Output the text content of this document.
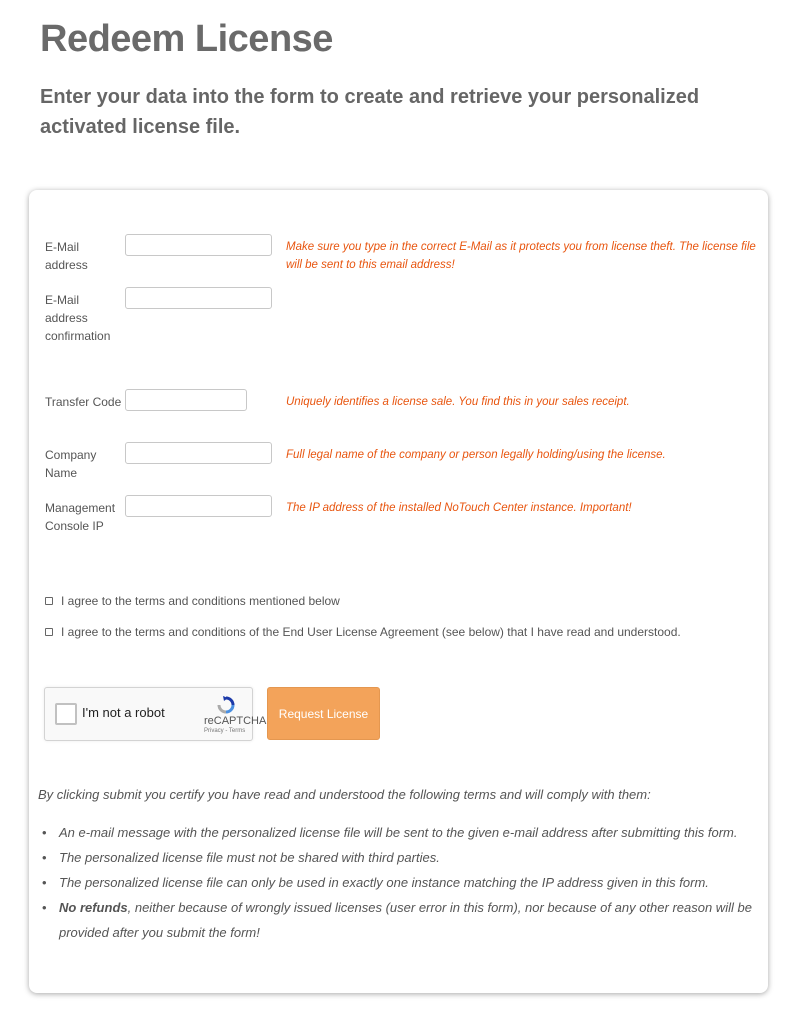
Redeem License

Enter your data into the form to create and retrieve your personalized activated license file.

E-Mail address
Make sure you type in the correct E-Mail as it protects you from license theft. The license file will be sent to this email address!
E-Mail address confirmation
Transfer Code	Uniquely identifies a license sale. You find this in your sales receipt.
Company Name
Full legal name of the company or person legally holding/using the license.
Management Console IP
The IP address of the installed NoTouch Center instance. Important!
I agree to the terms and conditions mentioned below
I agree to the terms and conditions of the End User License Agreement (see below) that I have read and understood.
I'm not a robot
reCAPTCHA
Privacy - Terms
Request License
By clicking submit you certify you have read and understood the following terms and will comply with them:
• An e-mail message with the personalized license file will be sent to the given e-mail address after submitting this form.
• The personalized license file must not be shared with third parties.
• The personalized license file can only be used in exactly one instance matching the IP address given in this form.
• No refunds, neither because of wrongly issued licenses (user error in this form), nor because of any other reason will be provided after you submit the form!
